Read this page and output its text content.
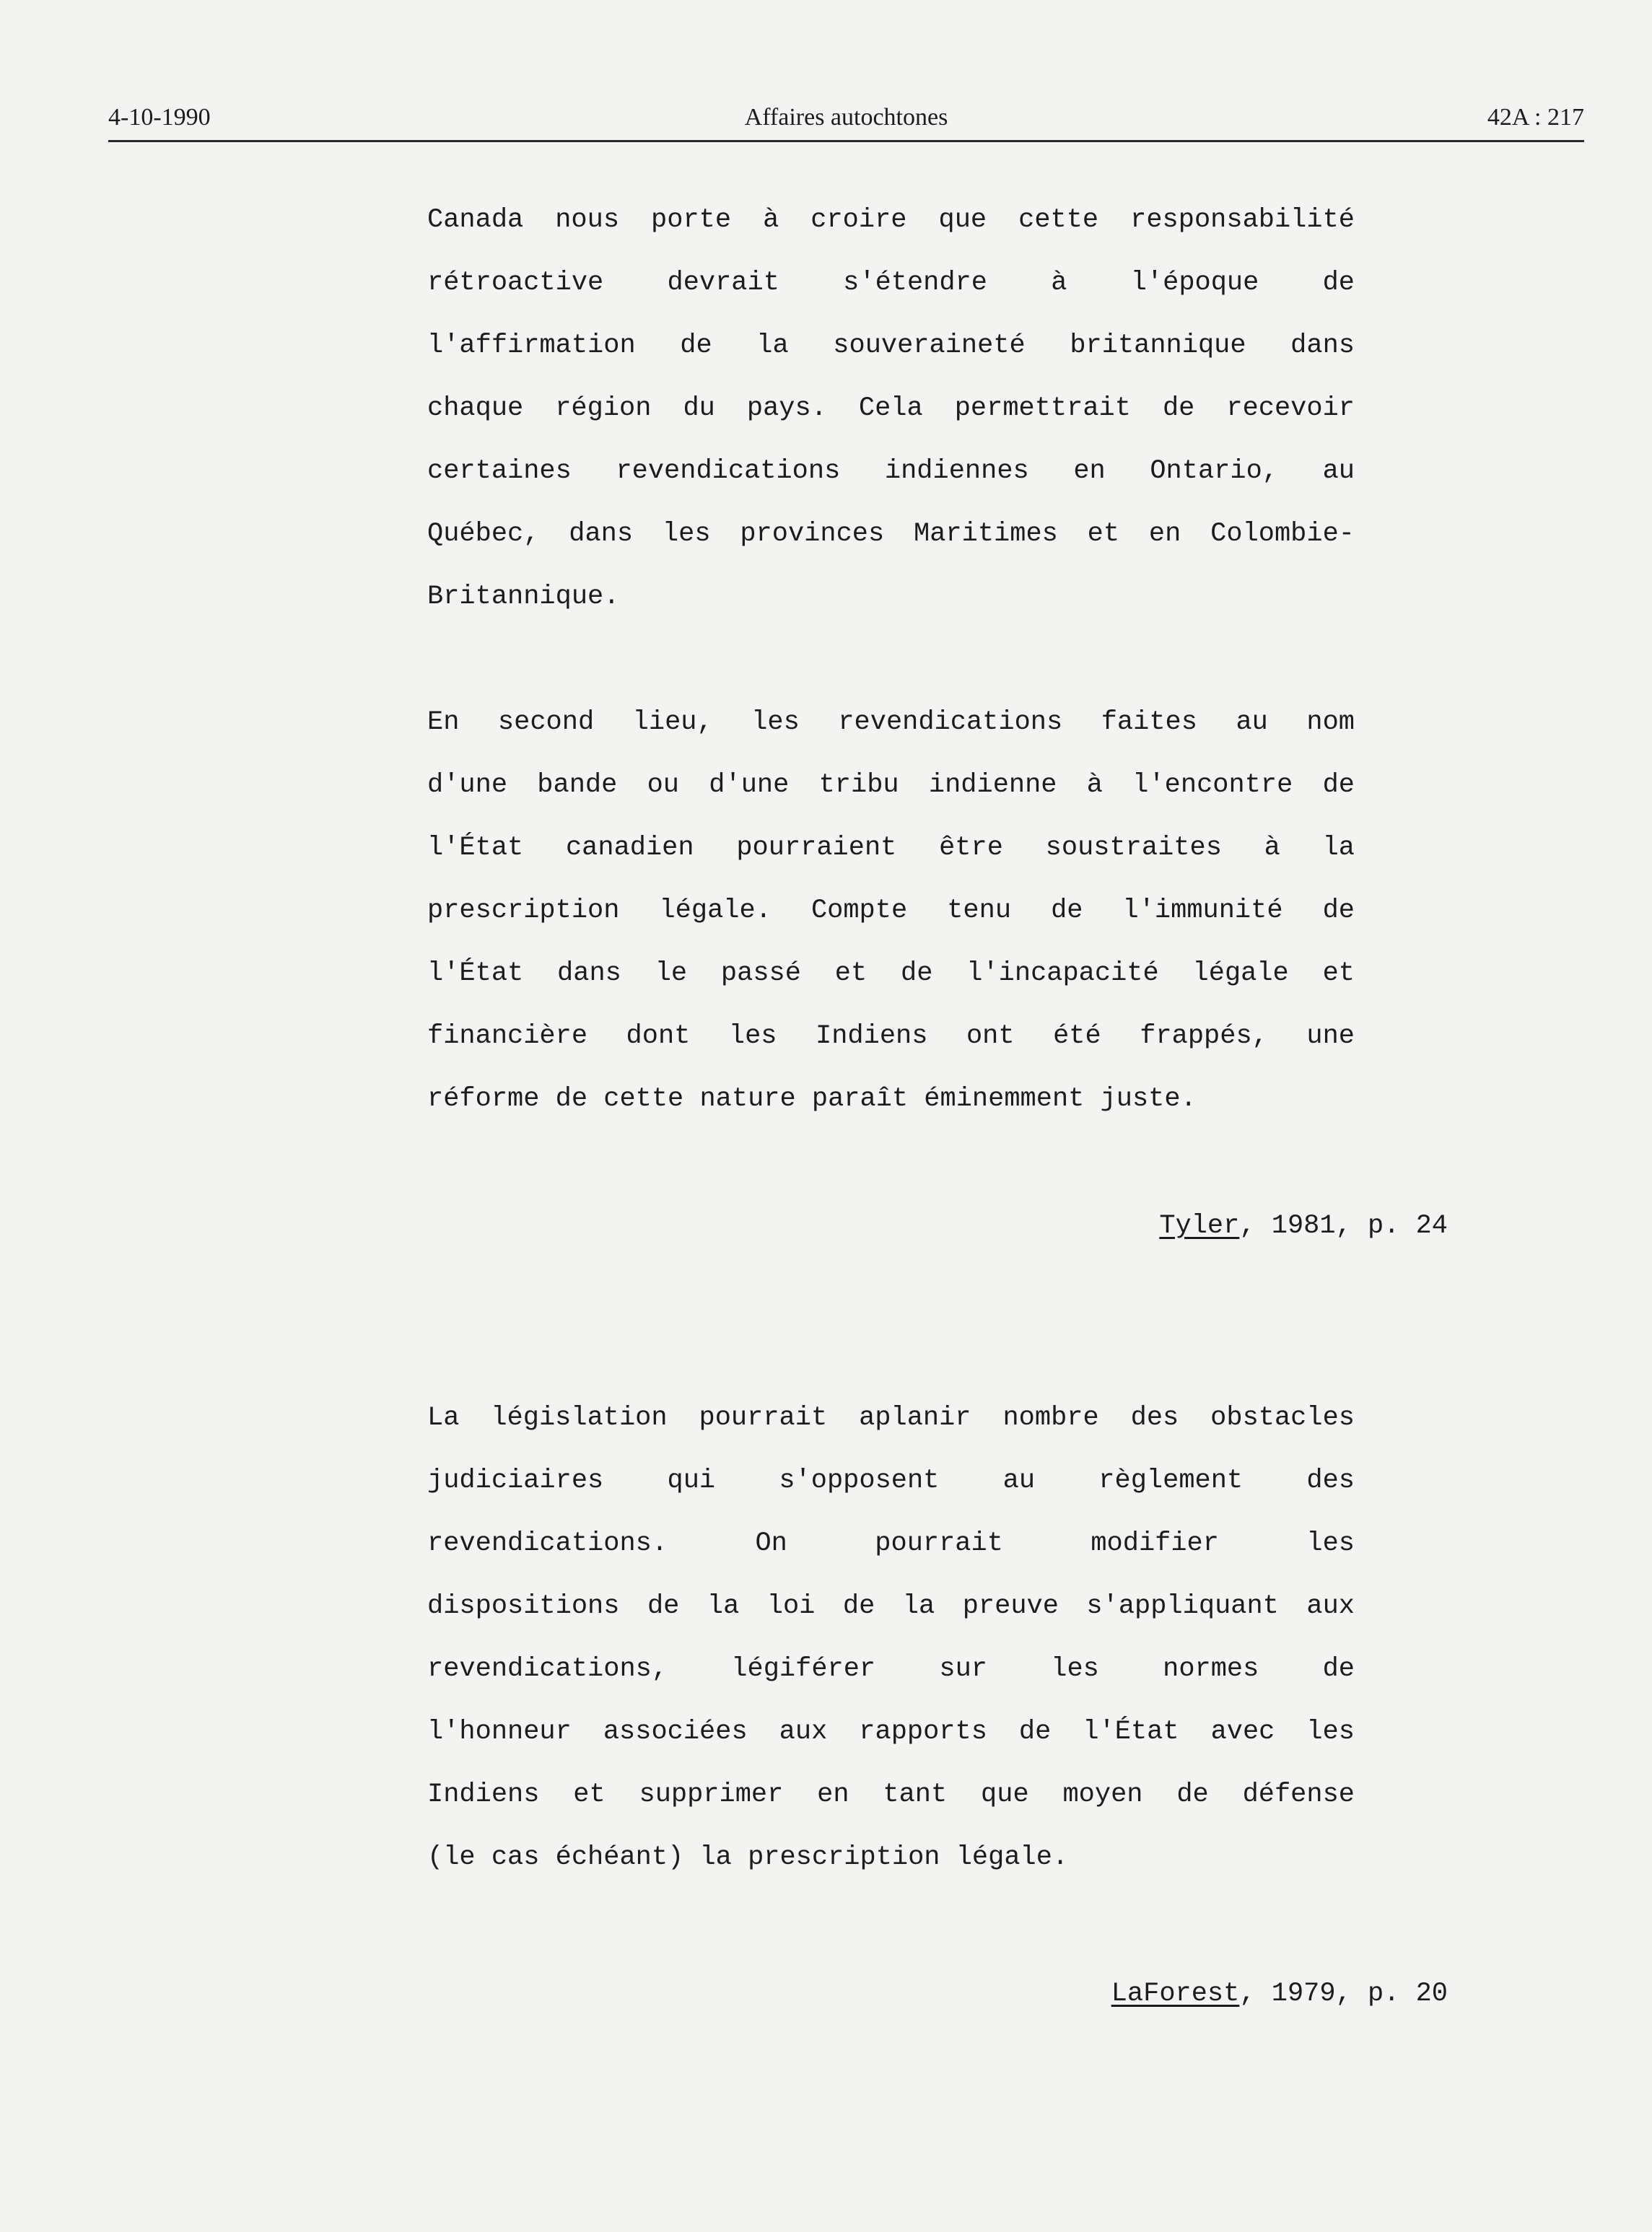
4-10-1990	Affaires autochtones	42A : 217
Canada nous porte à croire que cette responsabilité
rétroactive devrait s'étendre à l'époque de
l'affirmation de la souveraineté britannique dans
chaque région du pays. Cela permettrait de recevoir
certaines revendications indiennes en Ontario, au
Québec, dans les provinces Maritimes et en Colombie-
Britannique.
En second lieu, les revendications faites au nom
d'une bande ou d'une tribu indienne à l'encontre de
l'État canadien pourraient être soustraites à la
prescription légale. Compte tenu de l'immunité de
l'État dans le passé et de l'incapacité légale et
financière dont les Indiens ont été frappés, une
réforme de cette nature paraît éminemment juste.
Tyler, 1981, p. 24
La législation pourrait aplanir nombre des obstacles
judiciaires qui s'opposent au règlement des
revendications. On pourrait modifier les
dispositions de la loi de la preuve s'appliquant aux
revendications, légiférer sur les normes de
l'honneur associées aux rapports de l'État avec les
Indiens et supprimer en tant que moyen de défense
(le cas échéant) la prescription légale.
LaForest, 1979, p. 20
